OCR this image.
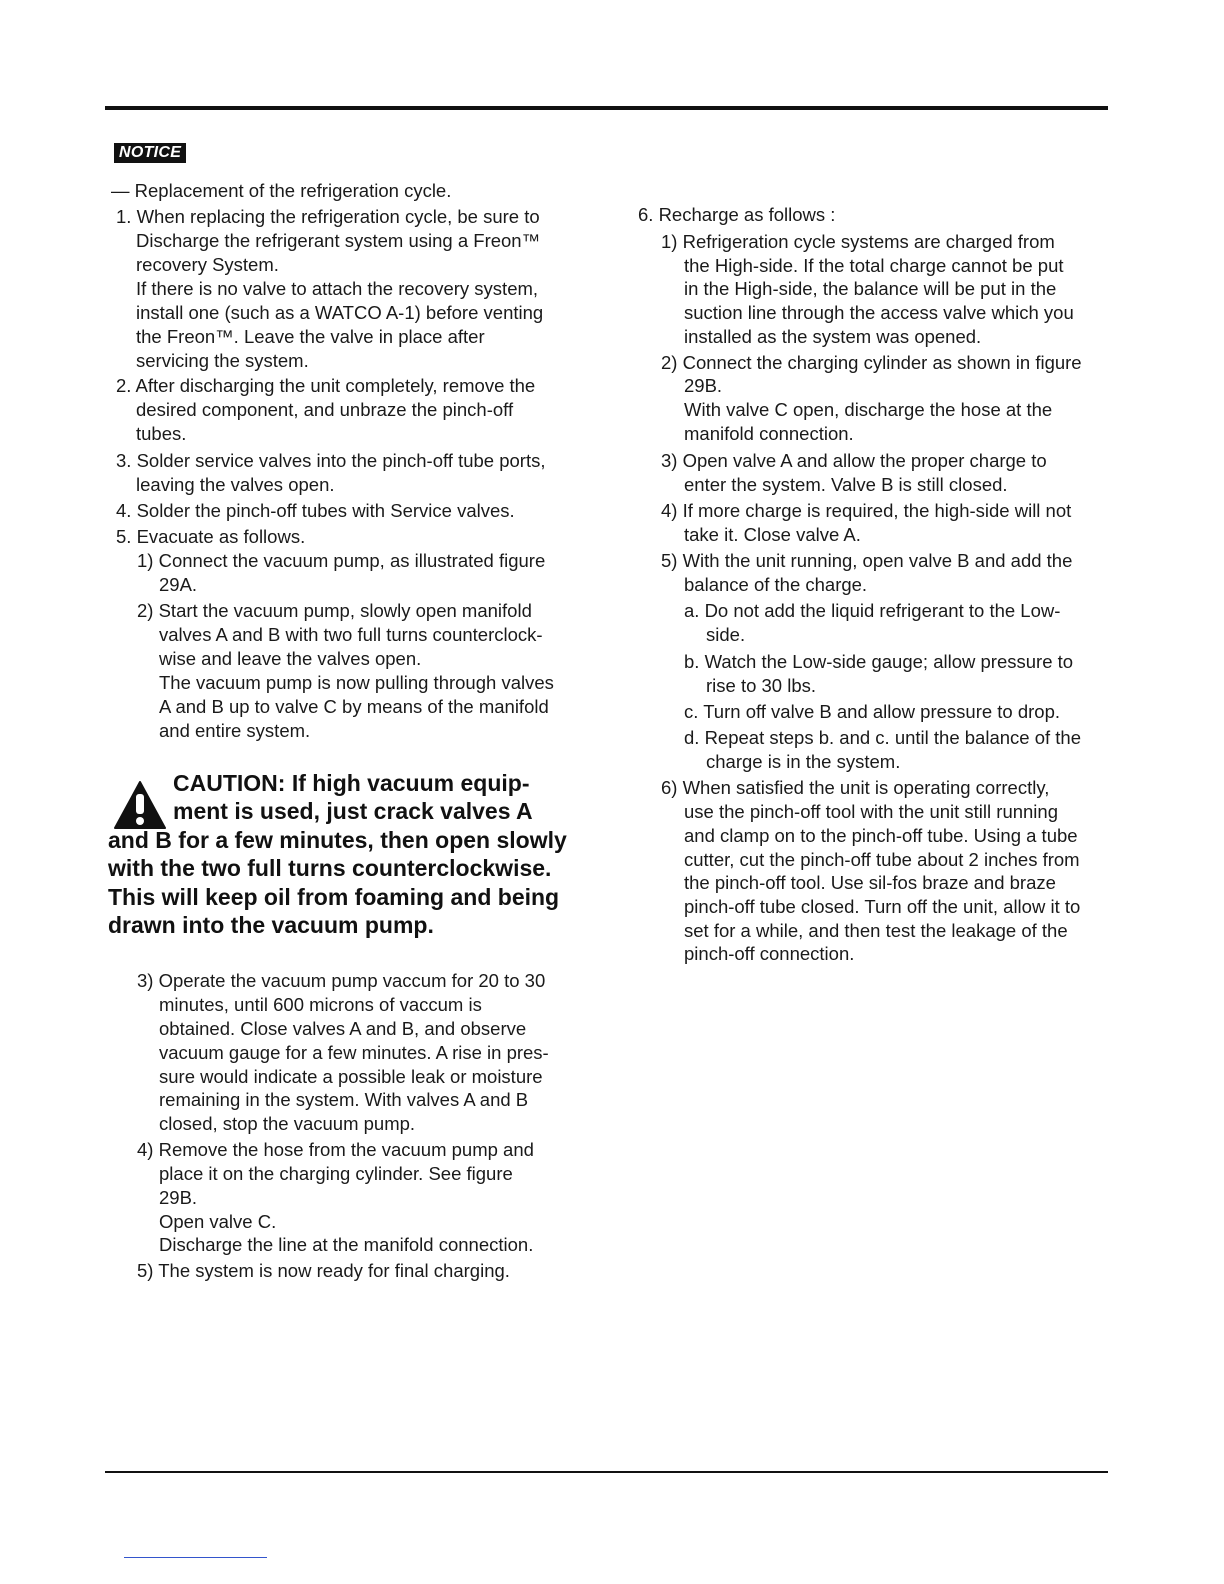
NOTICE
— Replacement of the refrigeration cycle.
1. When replacing the refrigeration cycle, be sure to
Discharge the refrigerant system using a Freon™
recovery System.
If there is no valve to attach the recovery system,
install one (such as a WATCO A-1) before venting
the Freon™. Leave the valve in place after
servicing the system.
2. After discharging the unit completely, remove the
desired component, and unbraze the pinch-off
tubes.
3. Solder service valves into the pinch-off tube ports,
leaving the valves open.
4. Solder the pinch-off tubes with Service valves.
5. Evacuate as follows.
1) Connect the vacuum pump, as illustrated figure
29A.
2) Start the vacuum pump, slowly open manifold
valves A and B with two full turns counterclock-
wise and leave the valves open.
The vacuum pump is now pulling through valves
A and B up to valve C by means of the manifold
and entire system.
CAUTION: If high vacuum equip-
ment is used, just crack valves A
and B for a few minutes, then open slowly
with the two full turns counterclockwise.
This will keep oil from foaming and being
drawn into the vacuum pump.
3) Operate the vacuum pump vaccum for 20 to 30
minutes, until 600 microns of vaccum is
obtained. Close valves A and B, and observe
vacuum gauge for a few minutes. A rise in pres-
sure would indicate a possible leak or moisture
remaining in the system. With valves A and B
closed, stop the vacuum pump.
4) Remove the hose from the vacuum pump and
place it on the charging cylinder. See figure
29B.
Open valve C.
Discharge the line at the manifold connection.
5) The system is now ready for final charging.
6. Recharge as follows :
1) Refrigeration cycle systems are charged from
the High-side. If the total charge cannot be put
in the High-side, the balance will be put in the
suction line through the access valve which you
installed as the system was opened.
2) Connect the charging cylinder as shown in figure
29B.
With valve C open, discharge the hose at the
manifold connection.
3) Open valve A and allow the proper charge to
enter the system. Valve B is still closed.
4) If more charge is required, the high-side will not
take it. Close valve A.
5) With the unit running, open valve B and add the
balance of the charge.
a. Do not add the liquid refrigerant to the Low-
side.
b. Watch the Low-side gauge; allow pressure to
rise to 30 lbs.
c. Turn off valve B and allow pressure to drop.
d. Repeat steps b. and c. until the balance of the
charge is in the system.
6) When satisfied the unit is operating correctly,
use the pinch-off tool with the unit still running
and clamp on to the pinch-off tube. Using a tube
cutter, cut the pinch-off tube about 2 inches from
the pinch-off tool. Use sil-fos braze and braze
pinch-off tube closed. Turn off the unit, allow it to
set for a while, and then test the leakage of the
pinch-off connection.
